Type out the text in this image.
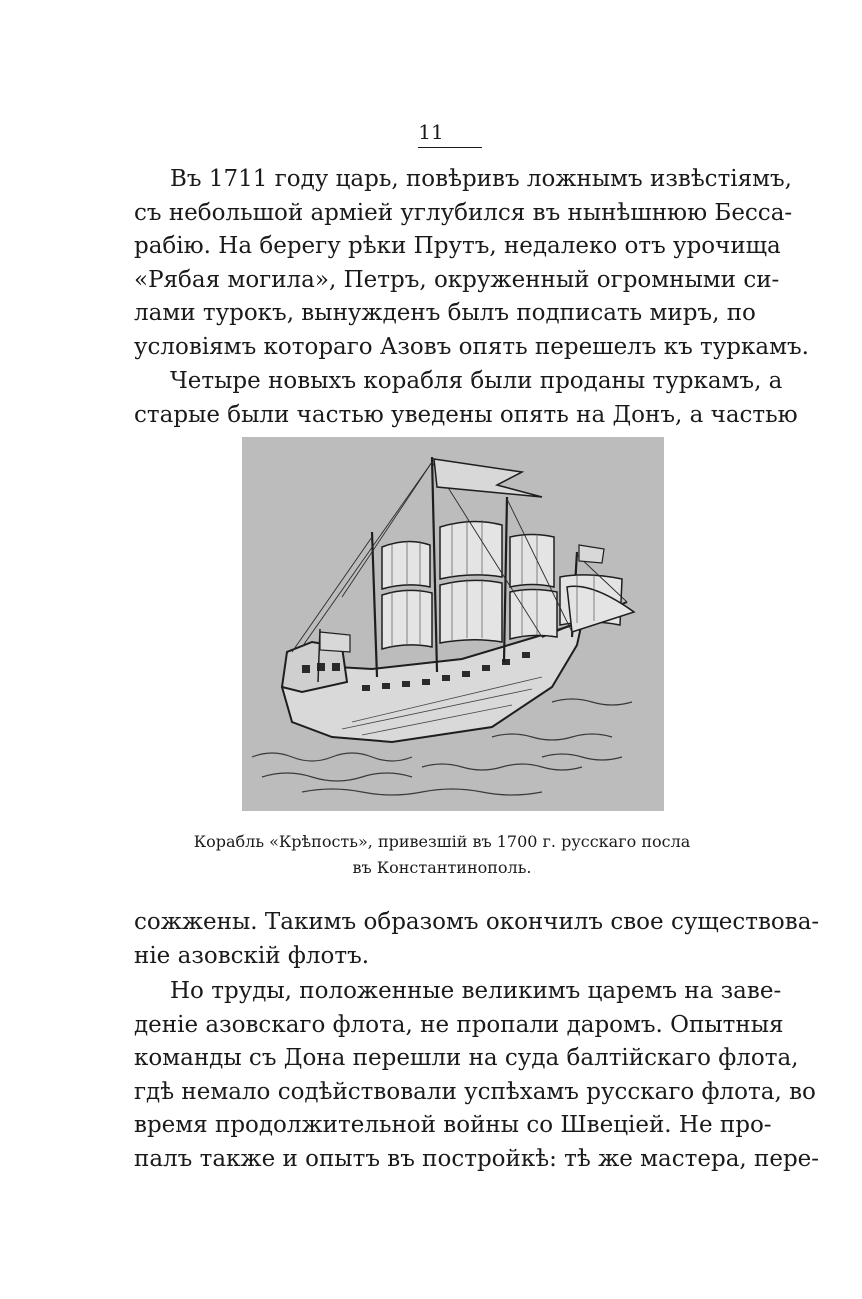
11
Въ 1711 году царь, повѣривъ ложнымъ извѣстіямъ,
съ небольшой арміей углубился въ нынѣшнюю Бесса-
рабію. На берегу рѣки Прутъ, недалеко отъ урочища
«Рябая могила», Петръ, окруженный огромными си-
лами турокъ, вынужденъ былъ подписать миръ, по
условіямъ котораго Азовъ опять перешелъ къ туркамъ.
Четыре новыхъ корабля были проданы туркамъ, а
старые были частью уведены опять на Донъ, а частью
Корабль «Крѣпость», привезшій въ 1700 г. русскаго посла
въ Константинополь.
сожжены. Такимъ образомъ окончилъ свое существова-
ніе азовскій флотъ.
Но труды, положенные великимъ царемъ на заве-
деніе азовскаго флота, не пропали даромъ. Опытныя
команды съ Дона перешли на суда балтійскаго флота,
гдѣ немало содѣйствовали успѣхамъ русскаго флота, во
время продолжительной войны со Швеціей. Не про-
палъ также и опытъ въ постройкѣ: тѣ же мастера, пере-
